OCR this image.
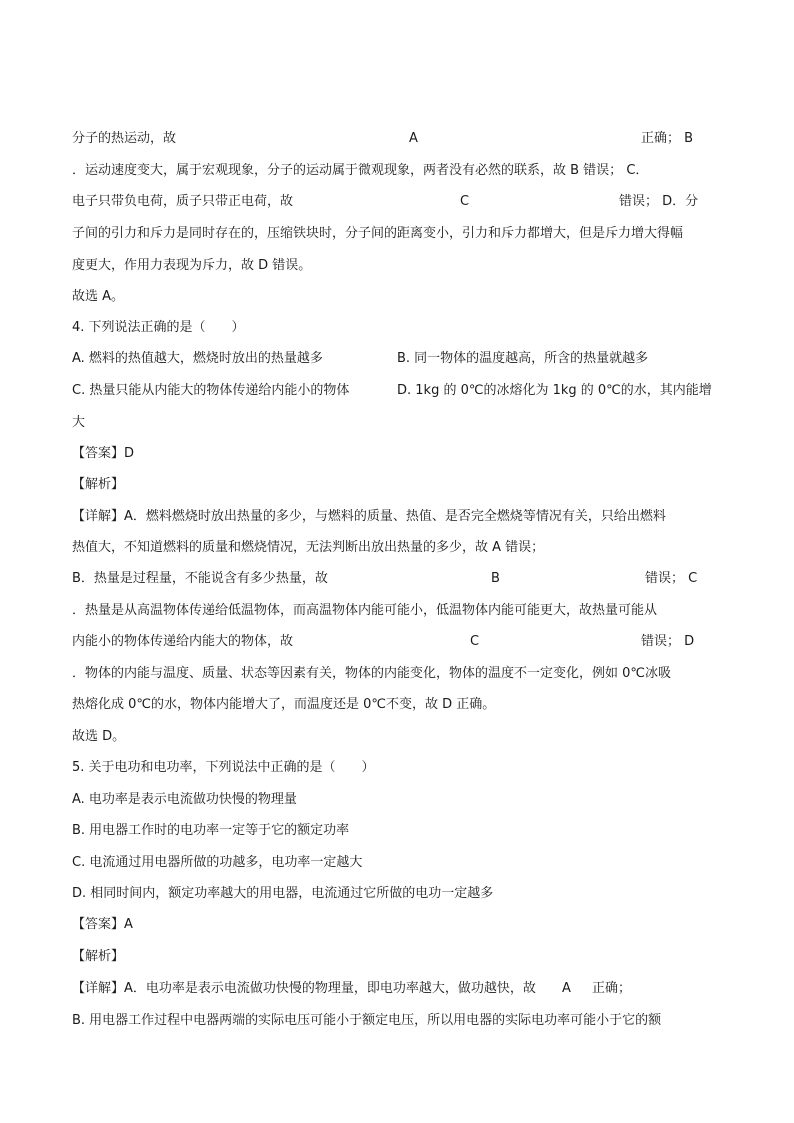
分子的热运动，故	A	正确； B
．运动速度变大，属于宏观现象，分子的运动属于微观现象，两者没有必然的联系，故 B 错误； C．
电子只带负电荷，质子只带正电荷，故	C	错误； D．分
子间的引力和斥力是同时存在的，压缩铁块时，分子间的距离变小，引力和斥力都增大，但是斥力增大得幅
度更大，作用力表现为斥力，故 D 错误。
故选 A。
4. 下列说法正确的是（　　）
A. 燃料的热值越大，燃烧时放出的热量越多	B. 同一物体的温度越高，所含的热量就越多
C. 热量只能从内能大的物体传递给内能小的物体	D. 1kg 的 0℃的冰熔化为 1kg 的 0℃的水，其内能增
大
【答案】D
【解析】
【详解】A．燃料燃烧时放出热量的多少，与燃料的质量、热值、是否完全燃烧等情况有关，只给出燃料
热值大，不知道燃料的质量和燃烧情况，无法判断出放出热量的多少，故 A 错误；
B．热量是过程量，不能说含有多少热量，故	B	错误； C
．热量是从高温物体传递给低温物体，而高温物体内能可能小，低温物体内能可能更大，故热量可能从
内能小的物体传递给内能大的物体，故	C	错误； D
．物体的内能与温度、质量、状态等因素有关，物体的内能变化，物体的温度不一定变化，例如 0℃冰吸
热熔化成 0℃的水，物体内能增大了，而温度还是 0℃不变，故 D 正确。
故选 D。
5. 关于电功和电功率，下列说法中正确的是（　　）
A. 电功率是表示电流做功快慢的物理量
B. 用电器工作时的电功率一定等于它的额定功率
C. 电流通过用电器所做的功越多，电功率一定越大
D. 相同时间内，额定功率越大的用电器，电流通过它所做的电功一定越多
【答案】A
【解析】
【详解】A．电功率是表示电流做功快慢的物理量，即电功率越大，做功越快，故 A 正确；
B. 用电器工作过程中电器两端的实际电压可能小于额定电压，所以用电器的实际电功率可能小于它的额
